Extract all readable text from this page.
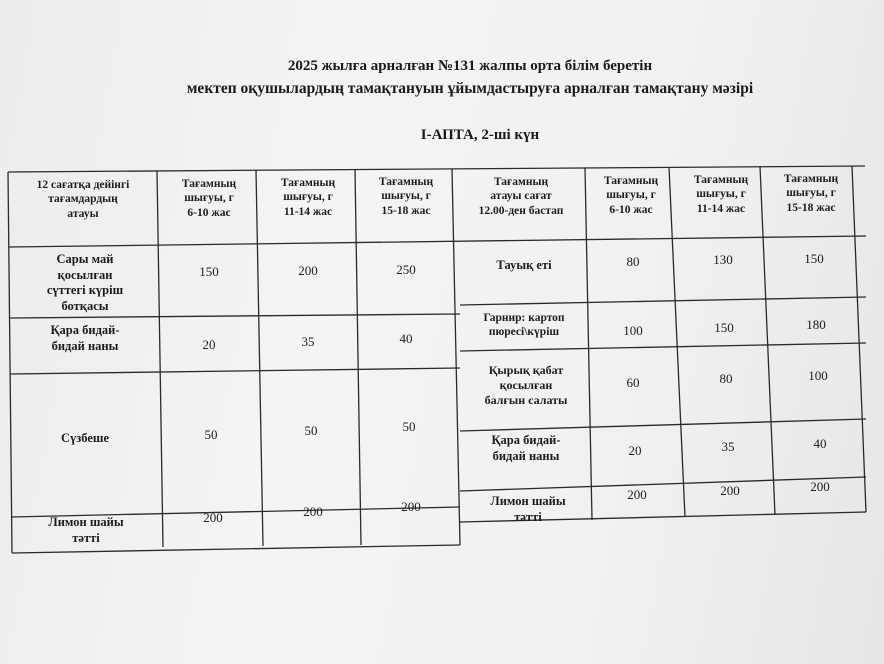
2025 жылға арналған №131 жалпы орта білім беретін
мектеп оқушылардың тамақтануын ұйымдастыруға арналған тамақтану мәзірі
І-АПТА, 2-ші күн
12 сағатқа дейінгі
тағамдардың
атауы
Тағамның
шығуы, г
6-10 жас
Тағамның
шығуы, г
11-14 жас
Тағамның
шығуы, г
15-18 жас
Тағамның
атауы сағат
12.00-ден бастап
Тағамның
шығуы, г
6-10 жас
Тағамның
шығуы, г
11-14 жас
Тағамның
шығуы, г
15-18 жас
Сары май
қосылған
сүттегі күріш
ботқасы
150	200	250
Қара бидай-
бидай наны	20	35	40
Сүзбеше	50	50	50
Лимон шайы
тәтті
200	200	200
Тауық еті	80	130	150
Гарнир: картоп
пюресі\күріш	100	150	180
Қырық қабат
қосылған
балғын салаты
60	80	100
Қара бидай-
бидай наны	20	35	40
Лимон шайы
тәтті
200	200	200
